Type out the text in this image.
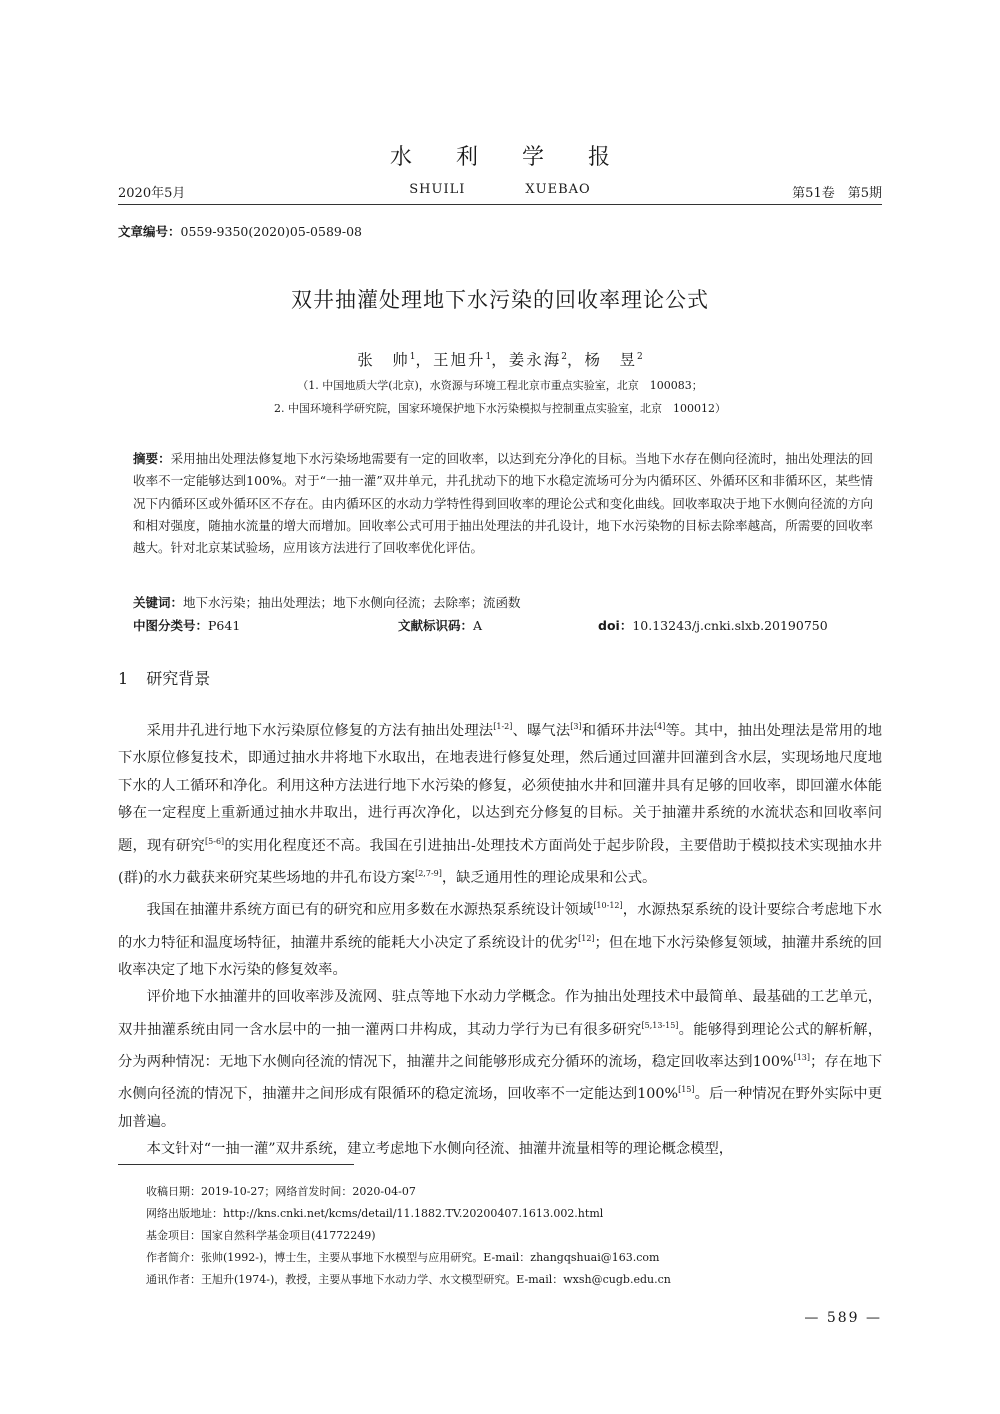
水利学报
2020年5月	SHUILI	XUEBAO	第51卷　第5期
文章编号：0559-9350(2020)05-0589-08
双井抽灌处理地下水污染的回收率理论公式
张　帅$^1$，王旭升$^1$，姜永海$^2$，杨　昱$^2$
（1. 中国地质大学(北京)，水资源与环境工程北京市重点实验室，北京　100083；
2. 中国环境科学研究院，国家环境保护地下水污染模拟与控制重点实验室，北京　100012）
摘要：采用抽出处理法修复地下水污染场地需要有一定的回收率，以达到充分净化的目标。当地下水存在侧向径流时，抽出处理法的回收率不一定能够达到100%。对于“一抽一灌”双井单元，井孔扰动下的地下水稳定流场可分为内循环区、外循环区和非循环区，某些情况下内循环区或外循环区不存在。由内循环区的水动力学特性得到回收率的理论公式和变化曲线。回收率取决于地下水侧向径流的方向和相对强度，随抽水流量的增大而增加。回收率公式可用于抽出处理法的井孔设计，地下水污染物的目标去除率越高，所需要的回收率越大。针对北京某试验场，应用该方法进行了回收率优化评估。
关键词：地下水污染；抽出处理法；地下水侧向径流；去除率；流函数
中图分类号：P641	文献标识码：A	doi：10.13243/j.cnki.slxb.20190750
1 研究背景

采用井孔进行地下水污染原位修复的方法有抽出处理法[1-2]、曝气法[3]和循环井法[4]等。其中，抽出处理法是常用的地下水原位修复技术，即通过抽水井将地下水取出，在地表进行修复处理，然后通过回灌井回灌到含水层，实现场地尺度地下水的人工循环和净化。利用这种方法进行地下水污染的修复，必须使抽水井和回灌井具有足够的回收率，即回灌水体能够在一定程度上重新通过抽水井取出，进行再次净化，以达到充分修复的目标。关于抽灌井系统的水流状态和回收率问题，现有研究[5-6]的实用化程度还不高。我国在引进抽出-处理技术方面尚处于起步阶段，主要借助于模拟技术实现抽水井(群)的水力截获来研究某些场地的井孔布设方案[2,7-9]，缺乏通用性的理论成果和公式。

我国在抽灌井系统方面已有的研究和应用多数在水源热泵系统设计领域[10-12]，水源热泵系统的设计要综合考虑地下水的水力特征和温度场特征，抽灌井系统的能耗大小决定了系统设计的优劣[12]；但在地下水污染修复领域，抽灌井系统的回收率决定了地下水污染的修复效率。

评价地下水抽灌井的回收率涉及流网、驻点等地下水动力学概念。作为抽出处理技术中最简单、最基础的工艺单元，双井抽灌系统由同一含水层中的一抽一灌两口井构成，其动力学行为已有很多研究[5,13-15]。能够得到理论公式的解析解，分为两种情况：无地下水侧向径流的情况下，抽灌井之间能够形成充分循环的流场，稳定回收率达到100%[13]；存在地下水侧向径流的情况下，抽灌井之间形成有限循环的稳定流场，回收率不一定能达到100%[15]。后一种情况在野外实际中更加普遍。

本文针对“一抽一灌”双井系统，建立考虑地下水侧向径流、抽灌井流量相等的理论概念模型，

收稿日期：2019-10-27；网络首发时间：2020-04-07
网络出版地址：http://kns.cnki.net/kcms/detail/11.1882.TV.20200407.1613.002.html
基金项目：国家自然科学基金项目(41772249)
作者简介：张帅(1992-)，博士生，主要从事地下水模型与应用研究。E-mail：zhangqshuai@163.com
通讯作者：王旭升(1974-)，教授，主要从事地下水动力学、水文模型研究。E-mail：wxsh@cugb.edu.cn
— 589 —
